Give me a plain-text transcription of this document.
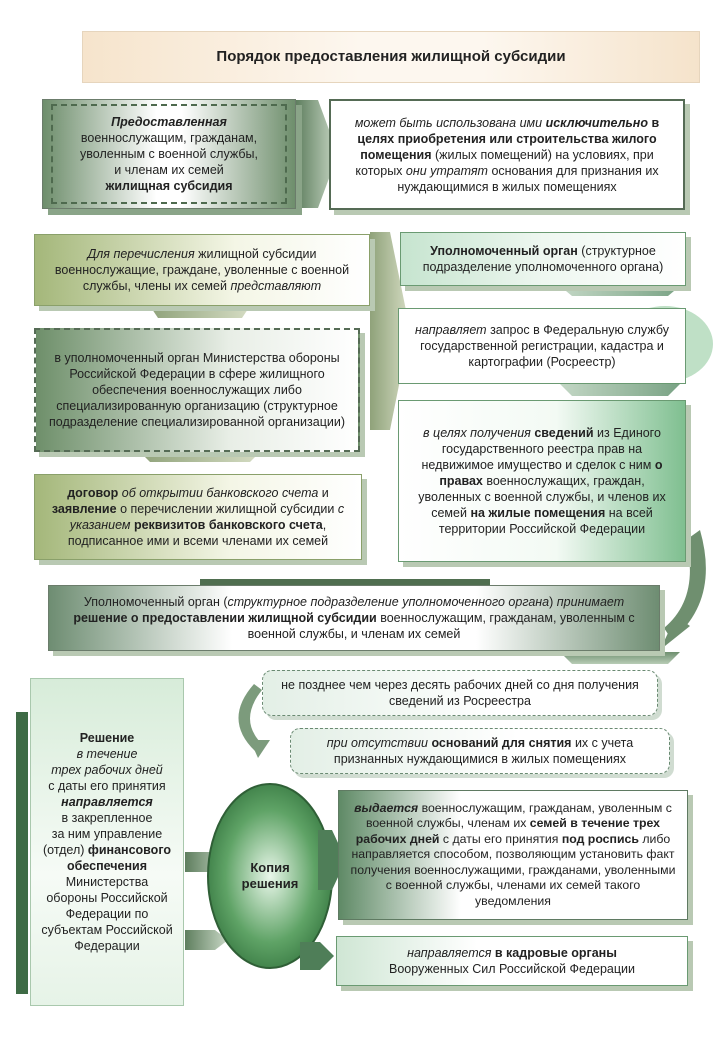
Порядок предоставления жилищной субсидии

Предоставленная

военнослужащим, гражданам,

уволенным с военной службы,

и членам их семей

жилищная субсидия

может быть использована ими исключительно в целях приобретения или строительства жилого помещения (жилых помещений) на условиях, при которых они утратят основания для признания их нуждающимися в жилых помещениях

Для перечисления жилищной субсидии военнослужащие, граждане, уволенные с военной службы, члены их семей представляют

Уполномоченный орган (структурное подразделение уполномоченного органа)

в уполномоченный орган Министерства обороны Российской Федерации в сфере жилищного обеспечения военнослужащих либо специализированную организацию (структурное подразделение специализированной организации)

направляет запрос в Федеральную службу государственной регистрации, кадастра и картографии (Росреестр)

в целях получения сведений из Единого государственного реестра прав на недвижимое имущество и сделок с ним о правах военнослужащих, граждан, уволенных с военной службы, и членов их семей на жилые помещения на всей территории Российской Федерации

договор об открытии банковского счета и заявление о перечислении жилищной субсидии с указанием реквизитов банковского счета, подписанное ими и всеми членами их семей

Уполномоченный орган (структурное подразделение уполномоченного органа) принимает решение о предоставлении жилищной субсидии военнослужащим, гражданам, уволенным с военной службы, и членам их семей

не позднее чем через десять рабочих дней со дня получения сведений из Росреестра

при отсутствии оснований для снятия их с учета признанных нуждающимися в жилых помещениях

Решение

в течение

трех рабочих дней

с даты его принятия

направляется

в закрепленное

за ним управление

(отдел) финансового обеспечения

Министерства обороны Российской Федерации по субъектам Российской Федерации

Копия

решения

выдается военнослужащим, гражданам, уволенным с военной службы, членам их семей в течение трех рабочих дней с даты его принятия под роспись либо направляется способом, позволяющим установить факт получения военнослужащими, гражданами, уволенными с военной службы, членами их семей такого уведомления

направляется в кадровые органы

Вооруженных Сил Российской Федерации
